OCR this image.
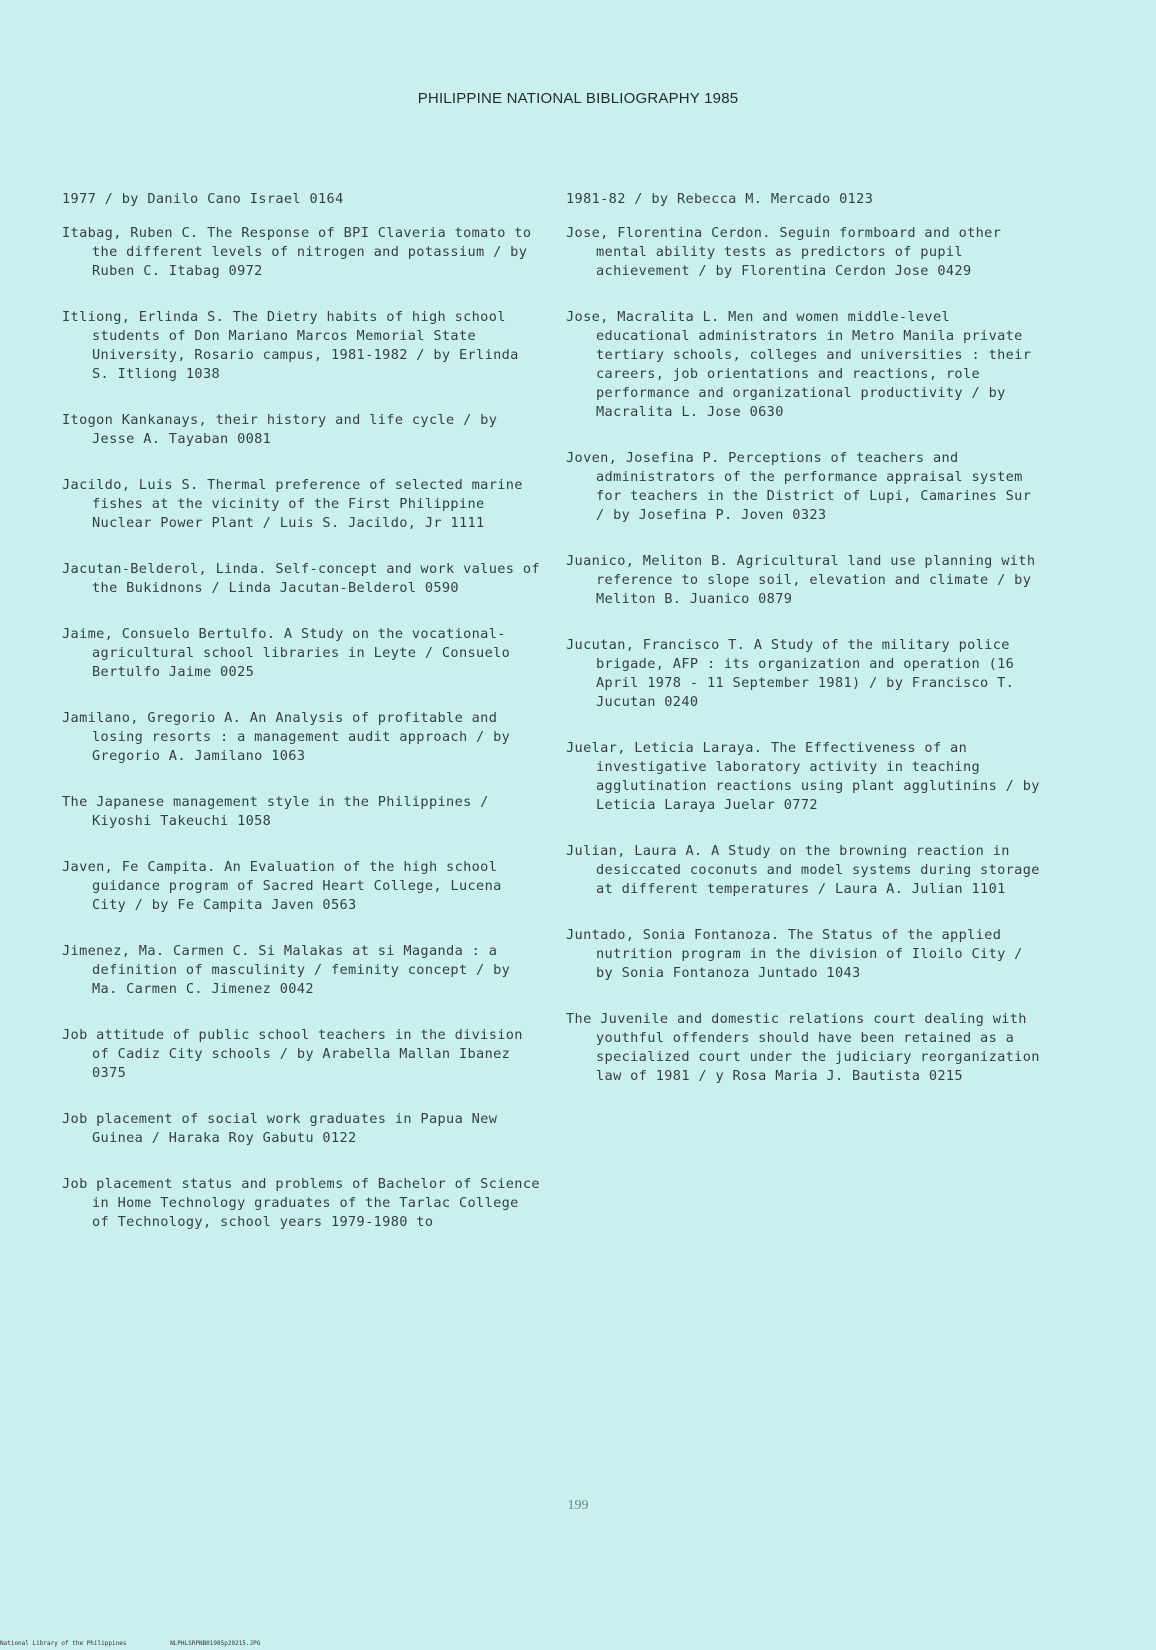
PHILIPPINE NATIONAL BIBLIOGRAPHY 1985

1977 / by Danilo Cano Israel 0164

Itabag, Ruben C. The Response of BPI Claveria tomato to the different levels of nitrogen and potassium / by Ruben C. Itabag 0972

Itliong, Erlinda S. The Dietry habits of high school students of Don Mariano Marcos Memorial State University, Rosario campus, 1981-1982 / by Erlinda S. Itliong 1038

Itogon Kankanays, their history and life cycle / by Jesse A. Tayaban 0081

Jacildo, Luis S. Thermal preference of selected marine fishes at the vicinity of the First Philippine Nuclear Power Plant / Luis S. Jacildo, Jr 1111

Jacutan-Belderol, Linda. Self-concept and work values of the Bukidnons / Linda Jacutan-Belderol 0590

Jaime, Consuelo Bertulfo. A Study on the vocational-agricultural school libraries in Leyte / Consuelo Bertulfo Jaime 0025

Jamilano, Gregorio A. An Analysis of profitable and losing resorts : a management audit approach / by Gregorio A. Jamilano 1063

The Japanese management style in the Philippines / Kiyoshi Takeuchi 1058

Javen, Fe Campita. An Evaluation of the high school guidance program of Sacred Heart College, Lucena City / by Fe Campita Javen 0563

Jimenez, Ma. Carmen C. Si Malakas at si Maganda : a definition of masculinity / feminity concept / by Ma. Carmen C. Jimenez 0042

Job attitude of public school teachers in the division of Cadiz City schools / by Arabella Mallan Ibanez 0375

Job placement of social work graduates in Papua New Guinea / Haraka Roy Gabutu 0122

Job placement status and problems of Bachelor of Science in Home Technology graduates of the Tarlac College of Technology, school years 1979-1980 to

1981-82 / by Rebecca M. Mercado 0123

Jose, Florentina Cerdon. Seguin formboard and other mental ability tests as predictors of pupil achievement / by Florentina Cerdon Jose 0429

Jose, Macralita L. Men and women middle-level educational administrators in Metro Manila private tertiary schools, colleges and universities : their careers, job orientations and reactions, role performance and organizational productivity / by Macralita L. Jose 0630

Joven, Josefina P. Perceptions of teachers and administrators of the performance appraisal system for teachers in the District of Lupi, Camarines Sur / by Josefina P. Joven 0323

Juanico, Meliton B. Agricultural land use planning with reference to slope soil, elevation and climate / by Meliton B. Juanico 0879

Jucutan, Francisco T. A Study of the military police brigade, AFP : its organization and operation (16 April 1978 - 11 September 1981) / by Francisco T. Jucutan 0240

Juelar, Leticia Laraya. The Effectiveness of an investigative laboratory activity in teaching agglutination reactions using plant agglutinins / by Leticia Laraya Juelar 0772

Julian, Laura A. A Study on the browning reaction in desiccated coconuts and model systems during storage at different temperatures / Laura A. Julian 1101

Juntado, Sonia Fontanoza. The Status of the applied nutrition program in the division of Iloilo City / by Sonia Fontanoza Juntado 1043

The Juvenile and domestic relations court dealing with youthful offenders should have been retained as a specialized court under the judiciary reorganization law of 1981 / y Rosa Maria J. Bautista 0215

199
National Library of the Philippines	NLPHLSRPNB01985p20215.JPG
